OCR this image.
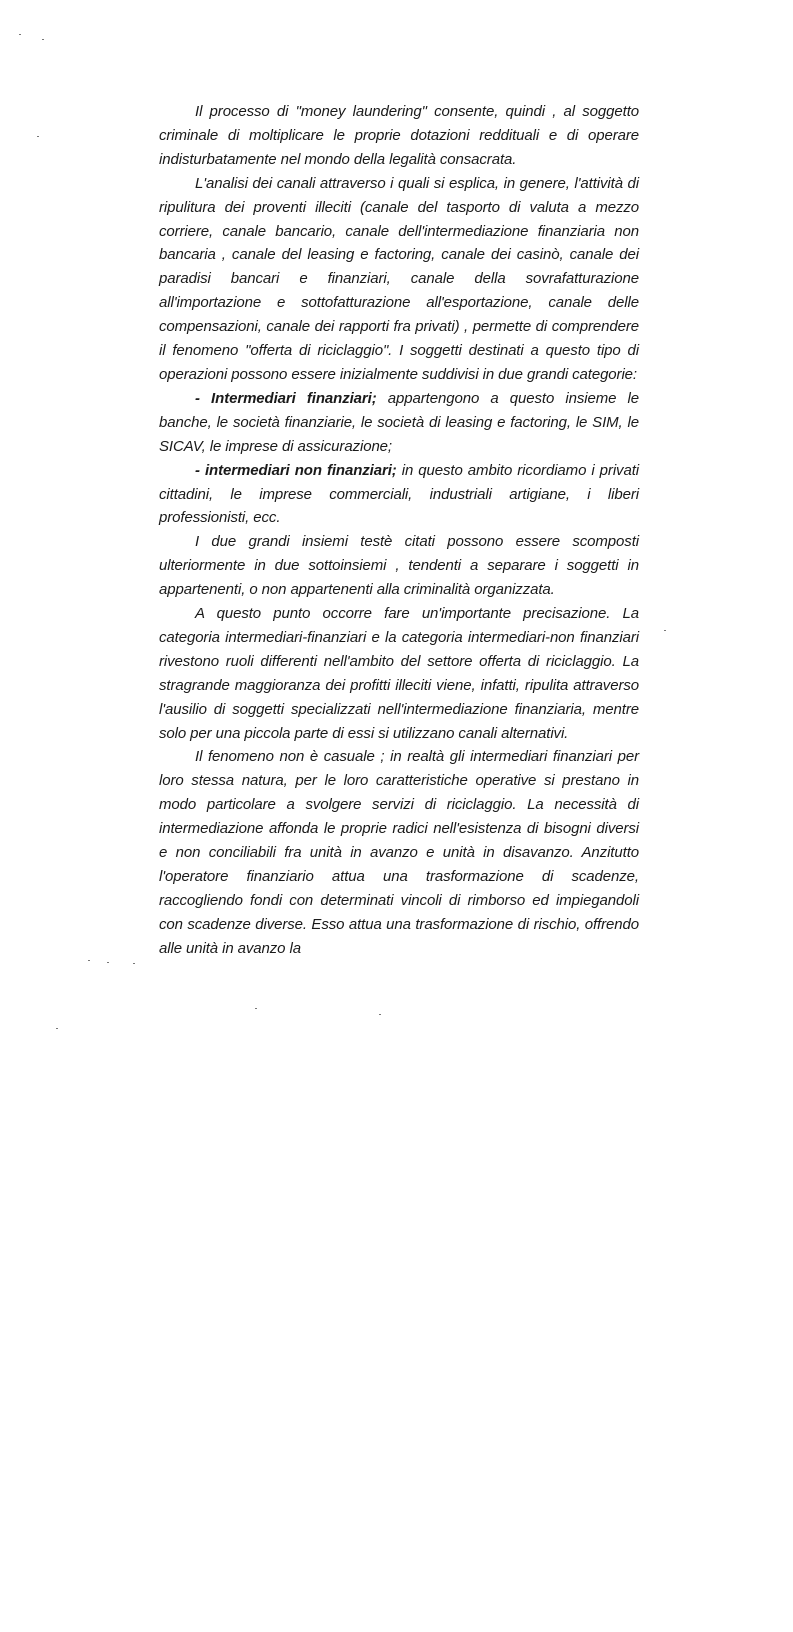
Il processo di "money laundering" consente, quindi , al soggetto criminale di moltiplicare le proprie dotazioni reddituali e di operare indisturbatamente nel mondo della legalità consacrata.

L'analisi dei canali attraverso i quali si esplica, in genere, l'attività di ripulitura dei proventi illeciti (canale del tasporto di valuta a mezzo corriere, canale bancario, canale dell'intermediazione finanziaria non bancaria , canale del leasing e factoring, canale dei casinò, canale dei paradisi bancari e finanziari, canale della sovrafatturazione all'importazione e sottofatturazione all'esportazione, canale delle compensazioni, canale dei rapporti fra privati) , permette di comprendere il fenomeno "offerta di riciclaggio". I soggetti destinati a questo tipo di operazioni possono essere inizialmente suddivisi in due grandi categorie:

- Intermediari finanziari; appartengono a questo insieme le banche, le società finanziarie, le società di leasing e factoring, le SIM, le SICAV, le imprese di assicurazione;

- intermediari non finanziari; in questo ambito ricordiamo i privati cittadini, le imprese commerciali, industriali artigiane, i liberi professionisti, ecc.

I due grandi insiemi testè citati possono essere scomposti ulteriormente in due sottoinsiemi , tendenti a separare i soggetti in appartenenti, o non appartenenti alla criminalità organizzata.

A questo punto occorre fare un'importante precisazione. La categoria intermediari-finanziari e la categoria intermediari-non finanziari rivestono ruoli differenti nell'ambito del settore offerta di riciclaggio. La stragrande maggioranza dei profitti illeciti viene, infatti, ripulita attraverso l'ausilio di soggetti specializzati nell'intermediazione finanziaria, mentre solo per una piccola parte di essi si utilizzano canali alternativi.

Il fenomeno non è casuale ; in realtà gli intermediari finanziari per loro stessa natura, per le loro caratteristiche operative si prestano in modo particolare a svolgere servizi di riciclaggio. La necessità di intermediazione affonda le proprie radici nell'esistenza di bisogni diversi e non conciliabili fra unità in avanzo e unità in disavanzo. Anzitutto l'operatore finanziario attua una trasformazione di scadenze, raccogliendo fondi con determinati vincoli di rimborso ed impiegandoli con scadenze diverse. Esso attua una trasformazione di rischio, offrendo alle unità in avanzo la
